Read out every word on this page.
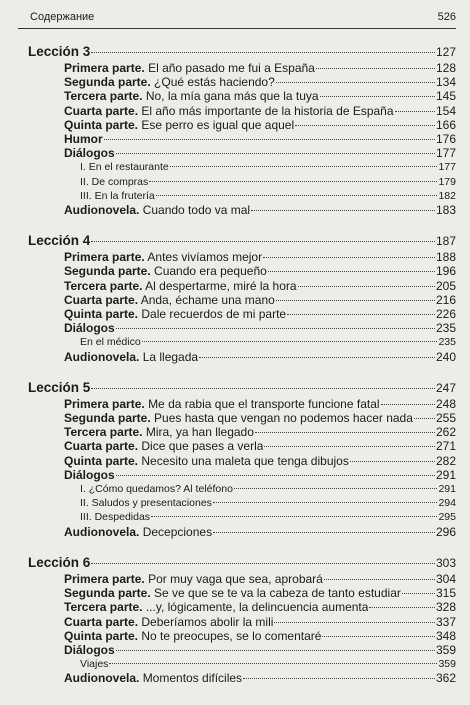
Содержание	526
Lección 3	127
Primera parte. El año pasado me fui a España	128
Segunda parte. ¿Qué estás haciendo?	134
Tercera parte. No, la mía gana más que la tuya	145
Cuarta parte. El año más importante de la historia de España	154
Quinta parte. Ese perro es igual que aquel	166
Humor	176
Diálogos	177
I. En el restaurante	177
II. De compras	179
III. En la frutería	182
Audionovela. Cuando todo va mal	183
Lección 4	187
Primera parte. Antes vivíamos mejor	188
Segunda parte. Cuando era pequeño	196
Tercera parte. Al despertarme, miré la hora	205
Cuarta parte. Anda, échame una mano	216
Quinta parte. Dale recuerdos de mi parte	226
Diálogos	235
En el médico	235
Audionovela. La llegada	240
Lección 5	247
Primera parte. Me da rabia que el transporte funcione fatal	248
Segunda parte. Pues hasta que vengan no podemos hacer nada 255
Tercera parte. Mira, ya han llegado	262
Cuarta parte. Dice que pases a verla	271
Quinta parte. Necesito una maleta que tenga dibujos	282
Diálogos	291
I. ¿Cómo quedamos? Al teléfono	291
II. Saludos y presentaciones	294
III. Despedidas	295
Audionovela. Decepciones	296
Lección 6	303
Primera parte. Por muy vaga que sea, aprobará	304
Segunda parte. Se ve que se te va la cabeza de tanto estudiar	315
Tercera parte. ...y, lógicamente, la delincuencia aumenta	328
Cuarta parte. Deberíamos abolir la mili	337
Quinta parte. No te preocupes, se lo comentaré	348
Diálogos	359
Viajes	359
Audionovela. Momentos difíciles	362
